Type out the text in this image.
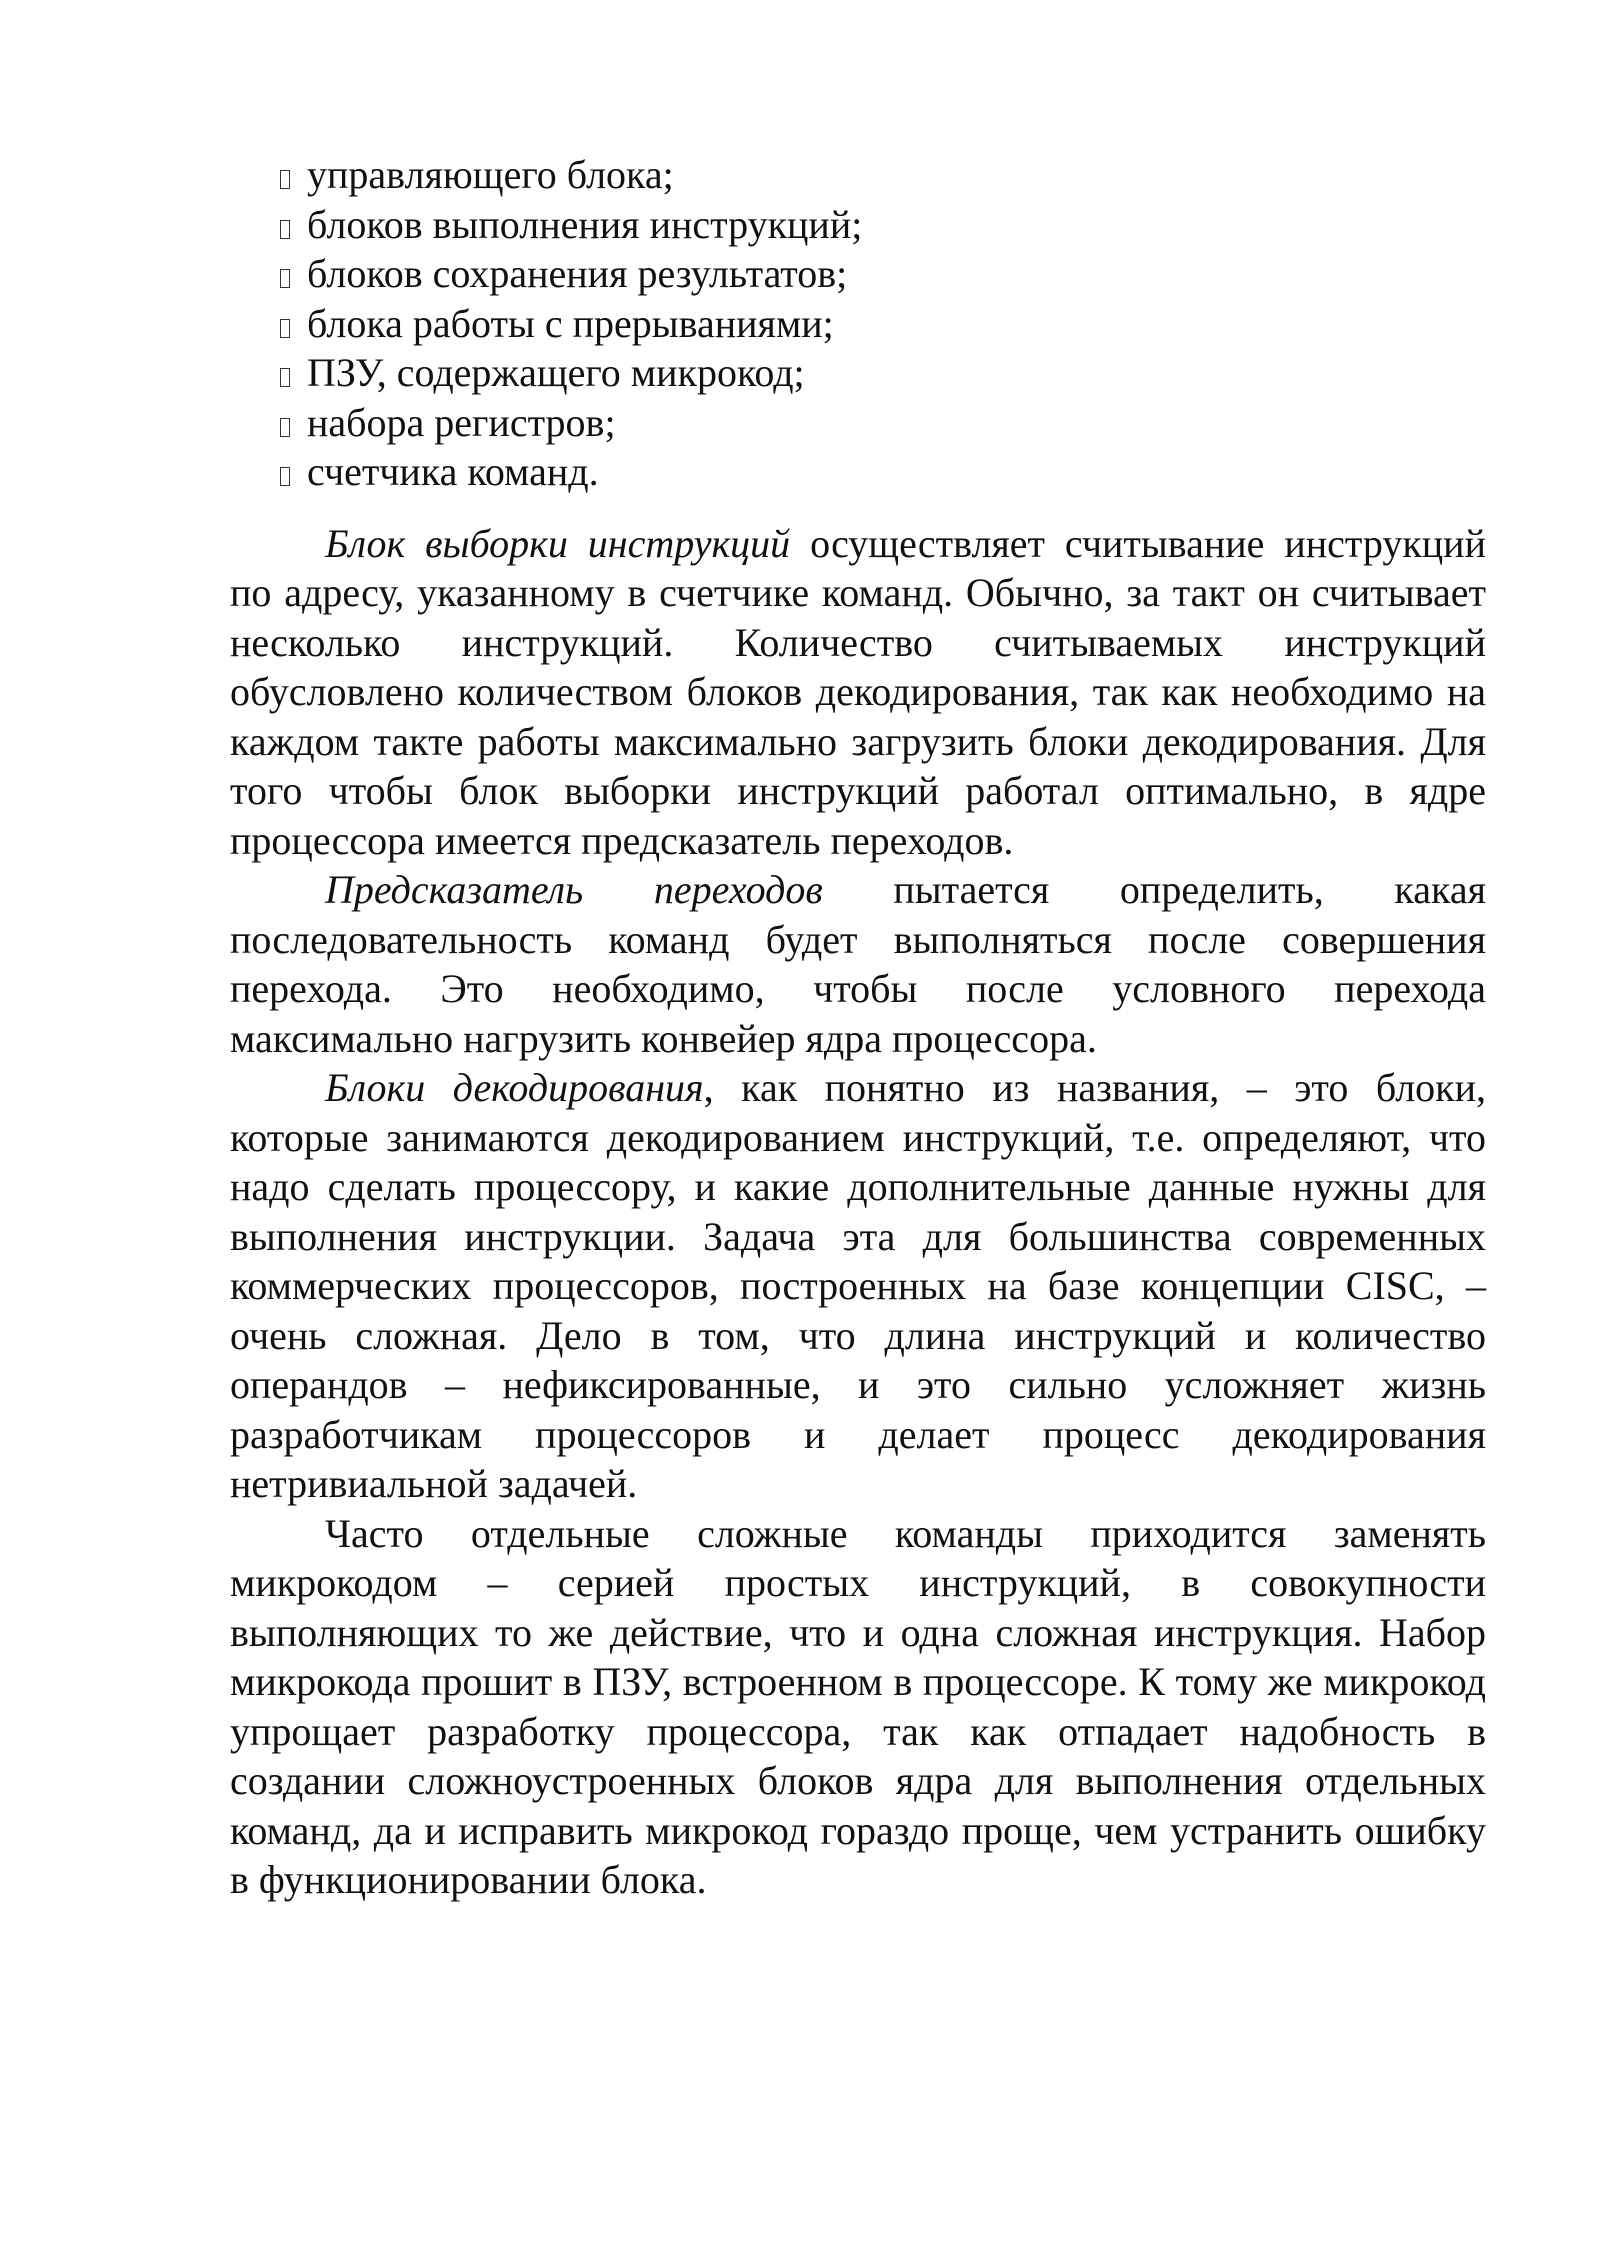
управляющего блока;
блоков выполнения инструкций;
блоков сохранения результатов;
блока работы с прерываниями;
ПЗУ, содержащего микрокод;
набора регистров;
счетчика команд.

Блок выборки инструкций осуществляет считывание инструкций по адресу, указанному в счетчике команд. Обычно, за такт он считывает несколько инструкций. Количество считываемых инструкций обусловлено количеством блоков декодирования, так как необходимо на каждом такте работы максимально загрузить блоки декодирования. Для того чтобы блок выборки инструкций работал оптимально, в ядре процессора имеется предсказатель переходов.

Предсказатель переходов пытается определить, какая последовательность команд будет выполняться после совершения перехода. Это необходимо, чтобы после условного перехода максимально нагрузить конвейер ядра процессора.

Блоки декодирования, как понятно из названия, – это блоки, которые занимаются декодированием инструкций, т.е. определяют, что надо сделать процессору, и какие дополнительные данные нужны для выполнения инструкции. Задача эта для большинства современных коммерческих процессоров, построенных на базе концепции CISC, – очень сложная. Дело в том, что длина инструкций и количество операндов – нефиксированные, и это сильно усложняет жизнь разработчикам процессоров и делает процесс декодирования нетривиальной задачей.

Часто отдельные сложные команды приходится заменять микрокодом – серией простых инструкций, в совокупности выполняющих то же действие, что и одна сложная инструкция. Набор микрокода прошит в ПЗУ, встроенном в процессоре. К тому же микрокод упрощает разработку процессора, так как отпадает надобность в создании сложноустроенных блоков ядра для выполнения отдельных команд, да и исправить микрокод гораздо проще, чем устранить ошибку в функционировании блока.
